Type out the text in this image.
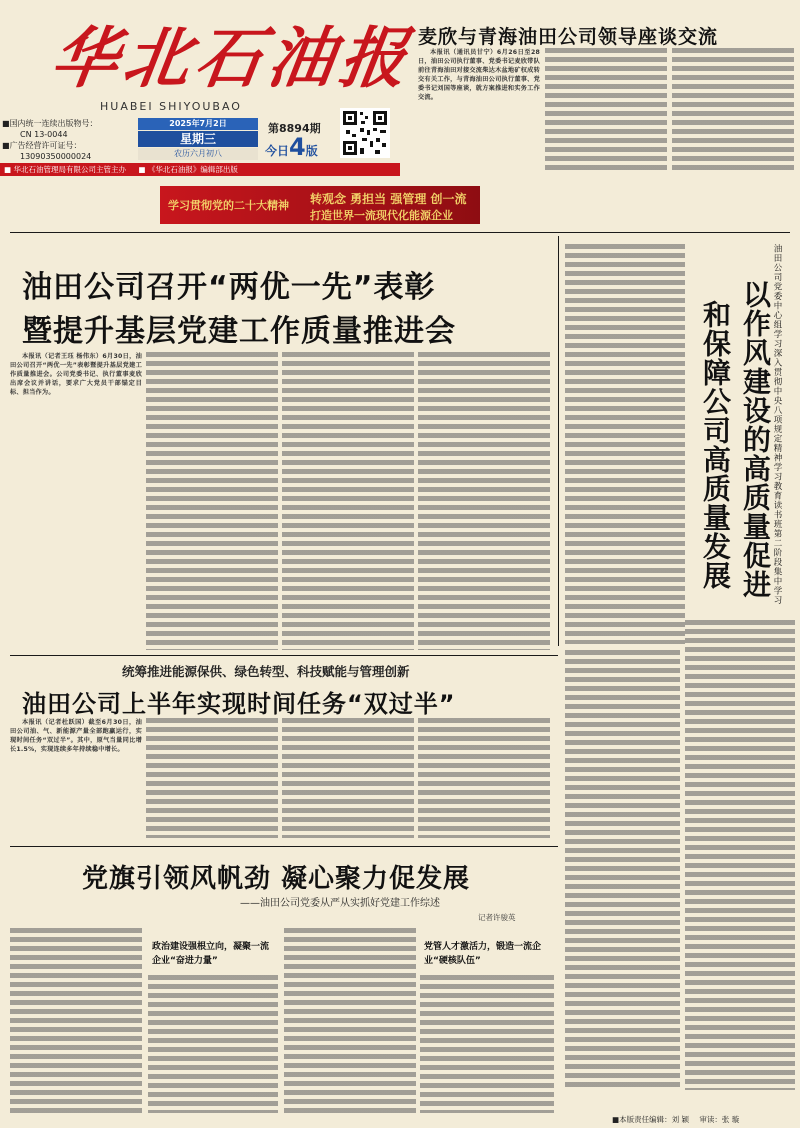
华北石油报
HUABEI SHIYOUBAO
■国内统一连续出版物号：
CN 13-0044
■广告经营许可证号：
13090350000024
2025年7月2日
星期三
农历六月初八
第8894期
今日4版
■ 华北石油管理局有限公司主管主办 ■ 《华北石油报》编辑部出版
麦欣与青海油田公司领导座谈交流

本报讯（通讯员甘宁）6月26日至28日，油田公司执行董事、党委书记麦欣带队前往青海油田对接交流柴达木盆地矿权成转交有关工作，与青海油田公司执行董事、党委书记刘国等座谈，就方案推进和实务工作交流。

学习贯彻党的二十大精神 转观念 勇担当 强管理 创一流
打造世界一流现代化能源企业
油田公司召开“两优一先”表彰
暨提升基层党建工作质量推进会

本报讯（记者王珏 杨伟东）6月30日，油田公司召开“两优一先”表彰暨提升基层党建工作质量推进会。公司党委书记、执行董事麦欣出席会议并讲话，要求广大党员干部锚定目标、担当作为。	以作风建设的高质量促进
和保障公司高质量发展	油田公司党委中心组学习深入贯彻中央八项规定精神学习教育读书班第二阶段集中学习
统筹推进能源保供、绿色转型、科技赋能与管理创新
油田公司上半年实现时间任务“双过半”

本报讯（记者杜跃国）截至6月30日，油田公司油、气、新能源产量全部跑赢运行，实现时间任务“双过半”。其中，原气当量同比增长1.5%，实现连续多年持续稳中增长。

党旗引领风帆劲 凝心聚力促发展
——油田公司党委从严从实抓好党建工作综述
记者许骏英
政治建设强根立向，凝聚一流企业“奋进力量”
党管人才激活力，锻造一流企业“硬核队伍”
■本版责任编辑：刘 颖 审读：张 璇
